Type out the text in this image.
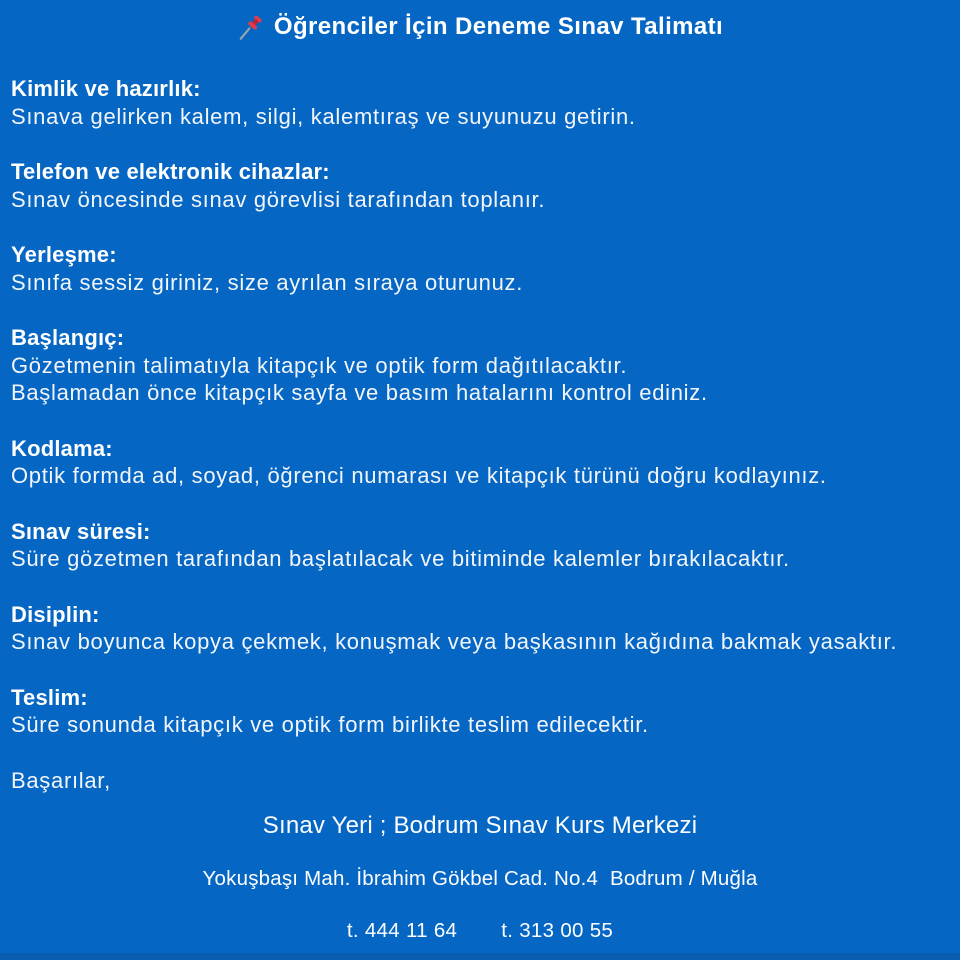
Öğrenciler İçin Deneme Sınav Talimatı
Kimlik ve hazırlık:
Sınava gelirken kalem, silgi, kalemtıraş ve suyunuzu getirin.
Telefon ve elektronik cihazlar:
Sınav öncesinde sınav görevlisi tarafından toplanır.
Yerleşme:
Sınıfa sessiz giriniz, size ayrılan sıraya oturunuz.
Başlangıç:
Gözetmenin talimatıyla kitapçık ve optik form dağıtılacaktır.
Başlamadan önce kitapçık sayfa ve basım hatalarını kontrol ediniz.
Kodlama:
Optik formda ad, soyad, öğrenci numarası ve kitapçık türünü doğru kodlayınız.
Sınav süresi:
Süre gözetmen tarafından başlatılacak ve bitiminde kalemler bırakılacaktır.
Disiplin:
Sınav boyunca kopya çekmek, konuşmak veya başkasının kağıdına bakmak yasaktır.
Teslim:
Süre sonunda kitapçık ve optik form birlikte teslim edilecektir.
Başarılar,
Sınav Yeri ; Bodrum Sınav Kurs Merkezi
Yokuşbaşı Mah. İbrahim Gökbel Cad. No.4  Bodrum / Muğla
t. 444 11 64 t. 313 00 55
